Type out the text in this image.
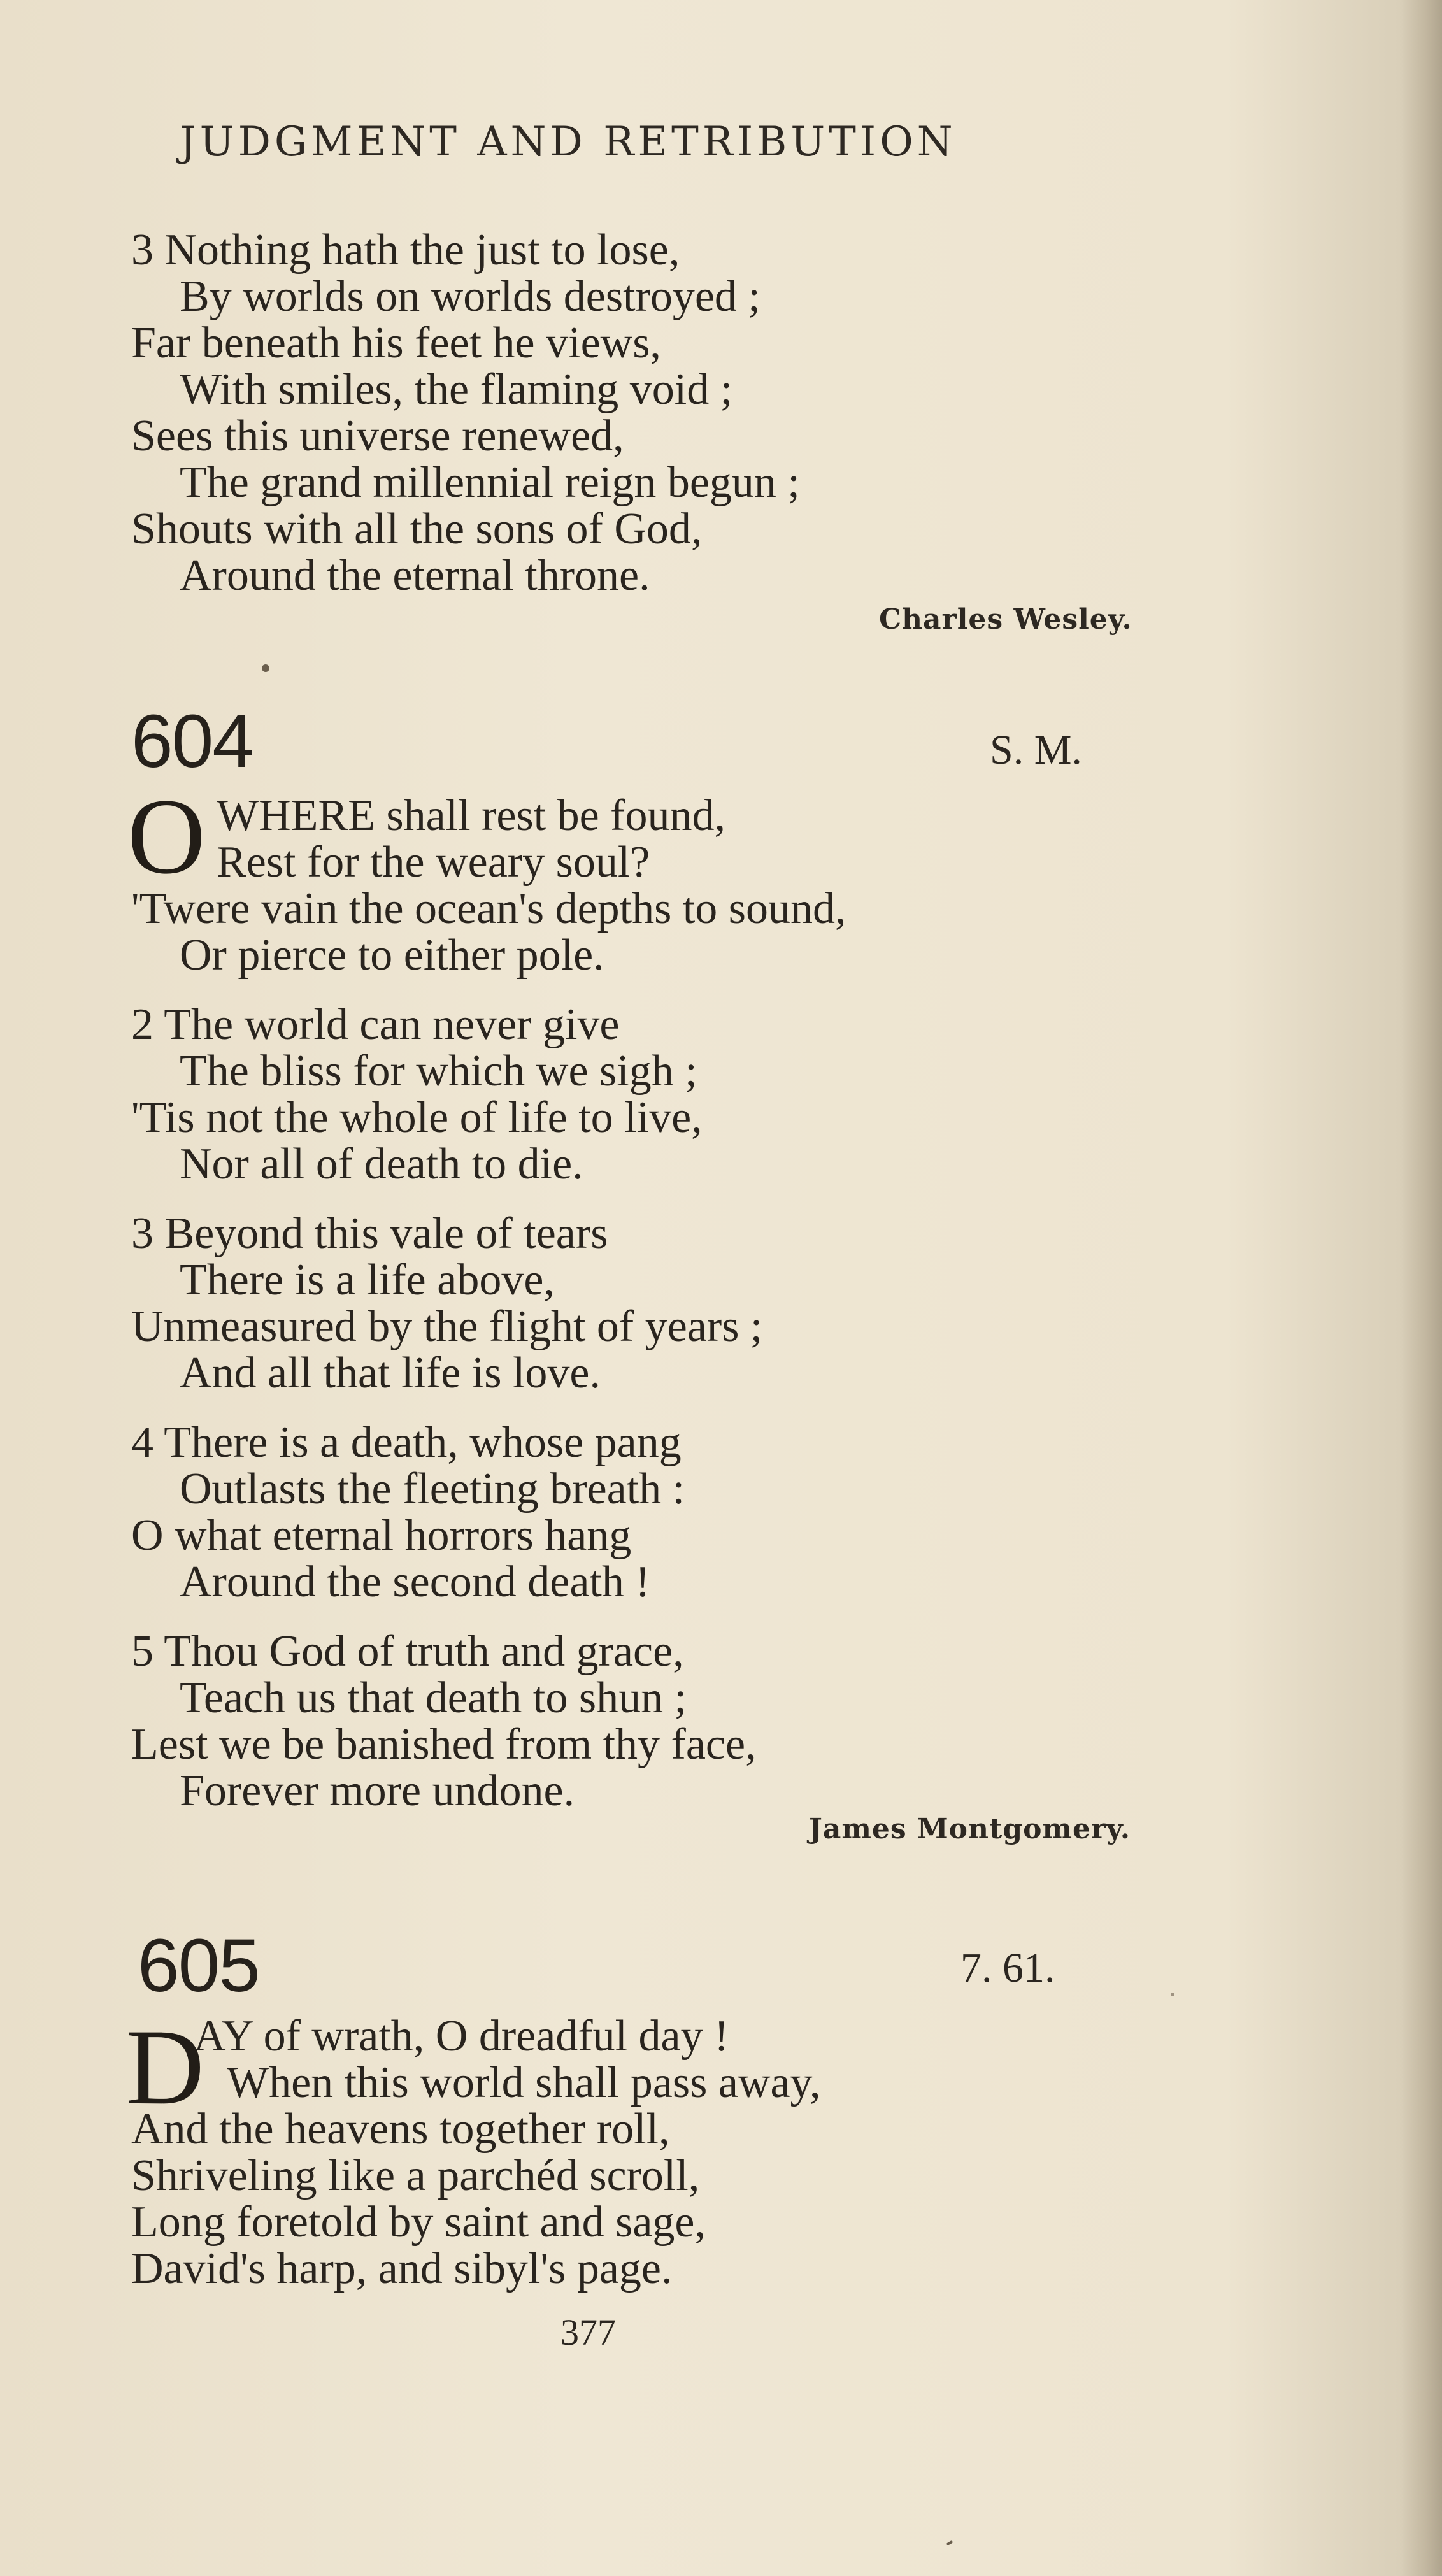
JUDGMENT AND RETRIBUTION
3 Nothing hath the just to lose,
By worlds on worlds destroyed ;
Far beneath his feet he views,
With smiles, the flaming void ;
Sees this universe renewed,
The grand millennial reign begun ;
Shouts with all the sons of God,
Around the eternal throne.
Charles Wesley.
604	S. M.
O WHERE shall rest be found,
Rest for the weary soul?
'Twere vain the ocean's depths to sound,
Or pierce to either pole.
2 The world can never give
The bliss for which we sigh ;
'Tis not the whole of life to live,
Nor all of death to die.
3 Beyond this vale of tears
There is a life above,
Unmeasured by the flight of years ;
And all that life is love.
4 There is a death, whose pang
Outlasts the fleeting breath :
O what eternal horrors hang
Around the second death !
5 Thou God of truth and grace,
Teach us that death to shun ;
Lest we be banished from thy face,
Forever more undone.
James Montgomery.
605	7. 61.
D
AY of wrath, O dreadful day !
When this world shall pass away,
And the heavens together roll,
Shriveling like a parchéd scroll,
Long foretold by saint and sage,
David's harp, and sibyl's page.
377
